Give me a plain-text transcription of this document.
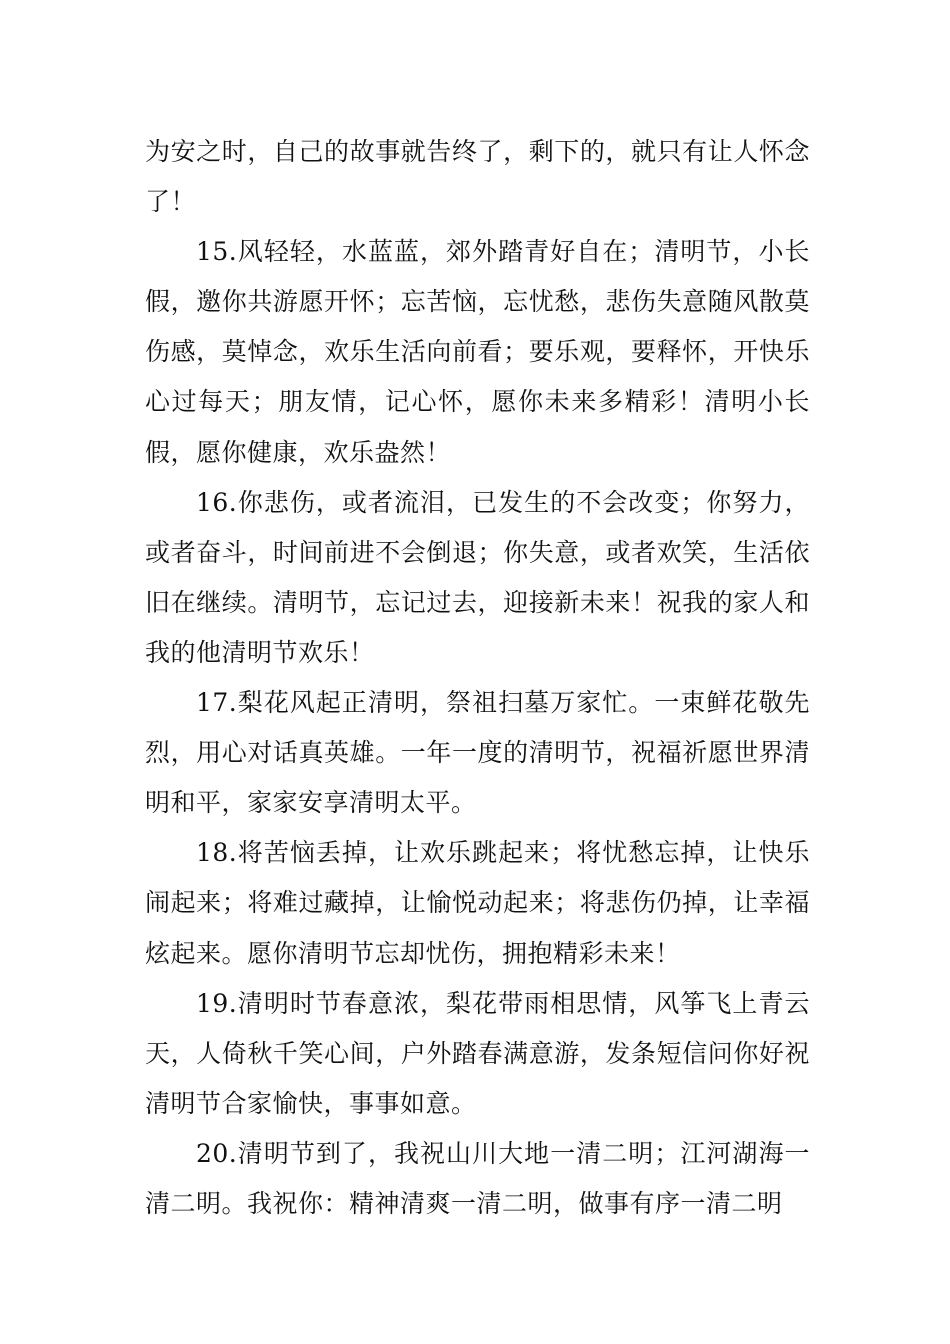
为安之时，自己的故事就告终了，剩下的，就只有让人怀念了！

15.风轻轻，水蓝蓝，郊外踏青好自在；清明节，小长假，邀你共游愿开怀；忘苦恼，忘忧愁，悲伤失意随风散莫伤感，莫悼念，欢乐生活向前看；要乐观，要释怀，开快乐心过每天；朋友情，记心怀，愿你未来多精彩！清明小长假，愿你健康，欢乐盎然！

16.你悲伤，或者流泪，已发生的不会改变；你努力，或者奋斗，时间前进不会倒退；你失意，或者欢笑，生活依旧在继续。清明节，忘记过去，迎接新未来！祝我的家人和我的他清明节欢乐！

17.梨花风起正清明，祭祖扫墓万家忙。一束鲜花敬先烈，用心对话真英雄。一年一度的清明节，祝福祈愿世界清明和平，家家安享清明太平。

18.将苦恼丢掉，让欢乐跳起来；将忧愁忘掉，让快乐闹起来；将难过藏掉，让愉悦动起来；将悲伤仍掉，让幸福炫起来。愿你清明节忘却忧伤，拥抱精彩未来！

19.清明时节春意浓，梨花带雨相思情，风筝飞上青云天，人倚秋千笑心间，户外踏春满意游，发条短信问你好祝清明节合家愉快，事事如意。

20.清明节到了，我祝山川大地一清二明；江河湖海一清二明。我祝你：精神清爽一清二明，做事有序一清二明
